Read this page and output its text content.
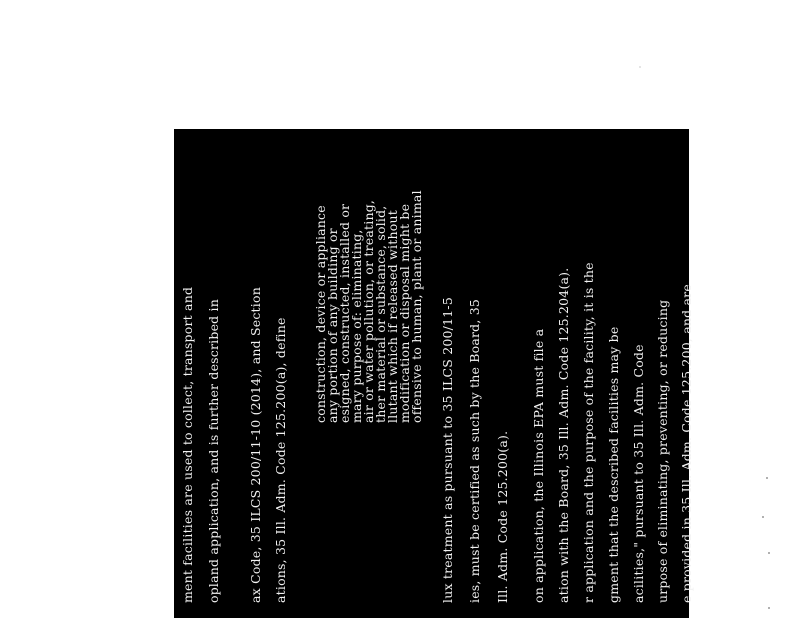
ment facilities are used to collect, transport and opland application, and is further described in ax Code, 35 ILCS 200/11-10 (2014), and Section ations, 35 Ill. Adm. Code 125.200(a), define
construction, device or appliance
any portion of any building or
esigned, constructed, installed or
mary purpose of: eliminating,
air or water pollution, or treating,
ther material or substance, solid,
llutant which if released without
modification or disposal might be
offensive to human, plant or animal lux treatment as pursuant to 35 ILCS 200/11-5 ies, must be certified as such by the Board, 35 Ill. Adm. Code 125.200(a). on application, the Illinois EPA must file a ation with the Board, 35 Ill. Adm. Code 125.204(a). r application and the purpose of the facility, it is the gment that the described facilities may be acilities," pursuant to 35 Ill. Adm. Code urpose of eliminating, preventing, or reducing e provided in 35 Ill. Adm. Code 125.200, and are
